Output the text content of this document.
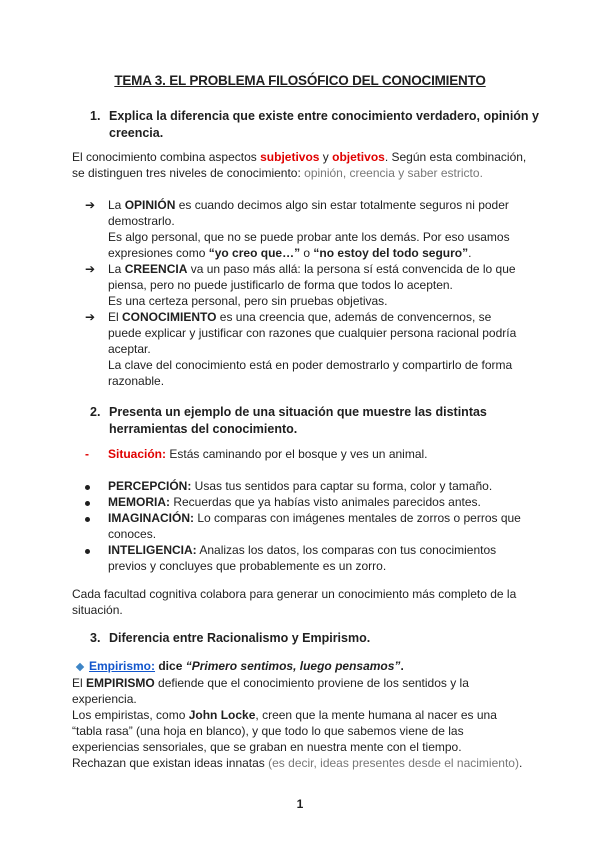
TEMA 3. EL PROBLEMA FILOSÓFICO DEL CONOCIMIENTO
1. Explica la diferencia que existe entre conocimiento verdadero, opinión y
creencia.
El conocimiento combina aspectos subjetivos y objetivos. Según esta combinación,
se distinguen tres niveles de conocimiento: opinión, creencia y saber estricto.
➔	La OPINIÓN es cuando decimos algo sin estar totalmente seguros ni poder
demostrarlo.
Es algo personal, que no se puede probar ante los demás. Por eso usamos
expresiones como “yo creo que…” o “no estoy del todo seguro”.
➔	La CREENCIA va un paso más allá: la persona sí está convencida de lo que
piensa, pero no puede justificarlo de forma que todos lo acepten.
Es una certeza personal, pero sin pruebas objetivas.
➔	El CONOCIMIENTO es una creencia que, además de convencernos, se
puede explicar y justificar con razones que cualquier persona racional podría
aceptar.
La clave del conocimiento está en poder demostrarlo y compartirlo de forma
razonable.
2. Presenta un ejemplo de una situación que muestre las distintas
herramientas del conocimiento.
-	Situación: Estás caminando por el bosque y ves un animal.
PERCEPCIÓN: Usas tus sentidos para captar su forma, color y tamaño.
MEMORIA: Recuerdas que ya habías visto animales parecidos antes.
IMAGINACIÓN: Lo comparas con imágenes mentales de zorros o perros que
conoces.
INTELIGENCIA: Analizas los datos, los comparas con tus conocimientos
previos y concluyes que probablemente es un zorro.
Cada facultad cognitiva colabora para generar un conocimiento más completo de la
situación.
3. Diferencia entre Racionalismo y Empirismo.
Empirismo: dice “Primero sentimos, luego pensamos”.
El EMPIRISMO defiende que el conocimiento proviene de los sentidos y la
experiencia.
Los empiristas, como John Locke, creen que la mente humana al nacer es una
“tabla rasa” (una hoja en blanco), y que todo lo que sabemos viene de las
experiencias sensoriales, que se graban en nuestra mente con el tiempo.
Rechazan que existan ideas innatas (es decir, ideas presentes desde el nacimiento).
1
